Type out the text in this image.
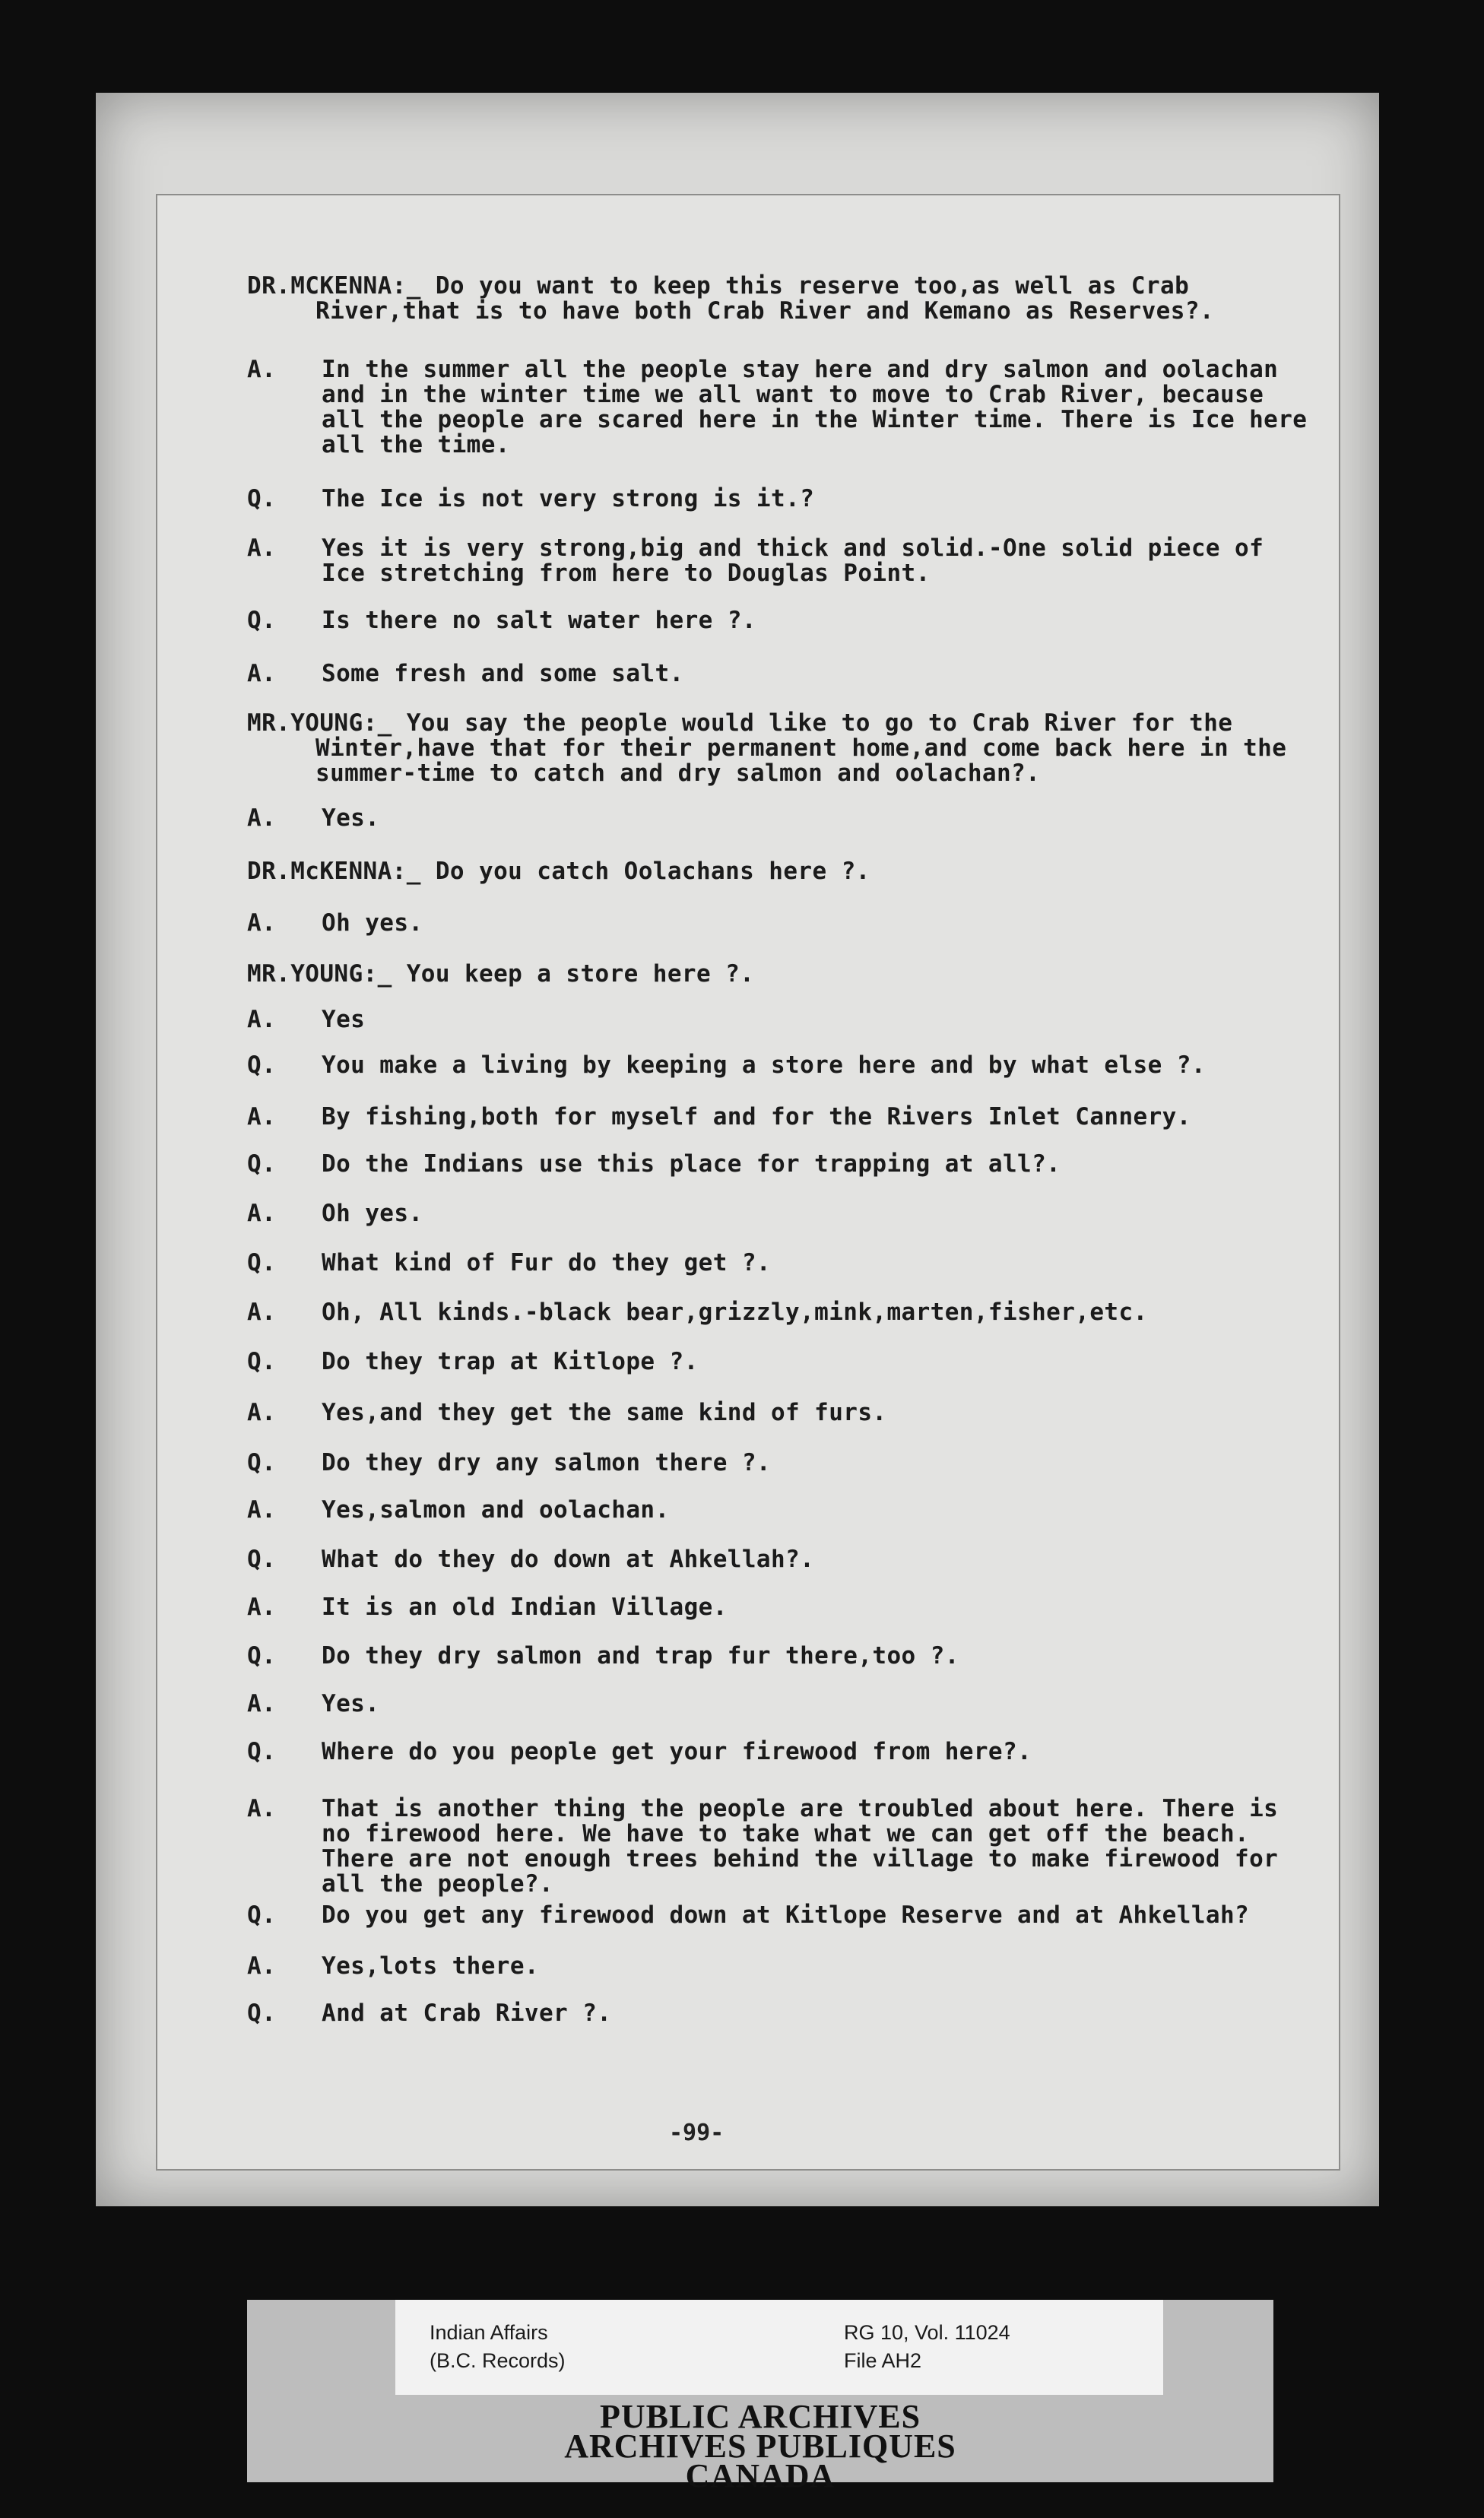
DR.MCKENNA:_ Do you want to keep this reserve too,as well as Crab River,that is to have both Crab River and Kemano as Reserves?.
A.	In the summer all the people stay here and dry salmon and oolachan and in the winter time we all want to move to Crab River, because all the people are scared here in the Winter time. There is Ice here all the time.
Q.	The Ice is not very strong is it.?
A.	Yes it is very strong,big and thick and solid.-One solid piece of Ice stretching from here to Douglas Point.
Q.	Is there no salt water here ?.
A.	Some fresh and some salt.
MR.YOUNG:_ You say the people would like to go to Crab River for the Winter,have that for their permanent home,and come back here in the summer-time to catch and dry salmon and oolachan?.
A.	Yes.
DR.McKENNA:_ Do you catch Oolachans here ?.
A.	Oh yes.
MR.YOUNG:_ You keep a store here ?.
A.	Yes
Q.	You make a living by keeping a store here and by what else ?.
A.	By fishing,both for myself and for the Rivers Inlet Cannery.
Q.	Do the Indians use this place for trapping at all?.
A.	Oh yes.
Q.	What kind of Fur do they get ?.
A.	Oh, All kinds.-black bear,grizzly,mink,marten,fisher,etc.
Q.	Do they trap at Kitlope ?.
A.	Yes,and they get the same kind of furs.
Q.	Do they dry any salmon there ?.
A.	Yes,salmon and oolachan.
Q.	What do they do down at Ahkellah?.
A.	It is an old Indian Village.
Q.	Do they dry salmon and trap fur there,too ?.
A.	Yes.
Q.	Where do you people get your firewood from here?.
A.	That is another thing the people are troubled about here. There is no firewood here. We have to take what we can get off the beach. There are not enough trees behind the village to make firewood for all the people?.
Q.	Do you get any firewood down at Kitlope Reserve and at Ahkellah?
A.	Yes,lots there.
Q.	And at Crab River ?.
-99-
Indian Affairs
(B.C. Records)
RG 10, Vol. 11024
File AH2
PUBLIC ARCHIVES
ARCHIVES PUBLIQUES
CANADA
